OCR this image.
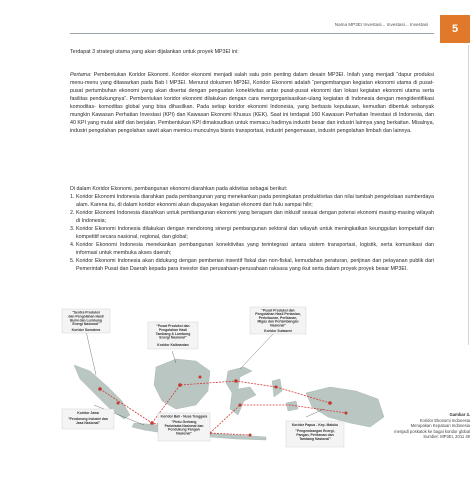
Nama MP3EI Investasi... Investasi... Investasi 5

Terdapat 3 strategi utama yang akan dijalankan untuk proyek MP3EI ini:

Pertama: Pembentukan Koridor Ekonomi. Koridor ekonomi menjadi salah satu poin penting dalam desain MP3EI. Inilah yang menjadi “dapur produksi menu-menu yang ditawarkan pada Bab I MP3EI. Menurut dokumen MP3EI, Koridor Ekonomi adalah “pengembangan kegiatan ekonomi utama di pusat-pusat pertumbuhan ekonomi yang akan disertai dengan penguatan konektivitas antar pusat-pusat ekonomi dan lokasi kegiatan ekonomi utama serta fasilitas pendukungnya”. Pembentukan koridor ekonomi dilakukan dengan cara mengorganisasikan-ulang kegiatan di Indonesia dengan mengidentifikasi komoditas- komoditas global yang bisa dihasilkan. Pada setiap koridor ekonomi Indonesia, yang berbasis kepulauan, kemudian dibentuk sebanyak mungkin Kawasan Perhatian Investasi (KPI) dan Kawasan Ekonomi Khusus (KEK). Saat ini terdapat 160 Kawasan Perhatian Investasi di Indonesia, dan 40 KPI yang mulai aktif dan berjalan. Pembentukan KPI dimaksudkan untuk memacu hadirnya industri besar dan industri lainnya yang berkaitan. Misalnya, industri pengolahan pengolahan sawit akan memicu munculnya bisnis transportasi, industri pengemasan, industri pengolahan limbah dan lainnya.

Di dalam Koridor Ekonomi, pembangunan ekonomi diarahkan pada aktivitas sebagai berikut:

1. Koridor Ekonomi Indonesia diarahkan pada pembangunan yang menekankan pada peningkatan produktivitas dan nilai tambah pengelolaan sumberdaya alam. Karena itu, di dalam koridor ekonomi akan diupayakan kegiatan ekonomi dari hulu sampai hilir;
2. Koridor Ekonomi Indonesia diarahkan untuk pembangunan ekonomi yang beragam dan inklusif sesuai dengan potensi ekonomi masing-masing wilayah di Indonesia;
3. Koridor Ekonomi Indonesia dilakukan dengan mendorong sinergi pembangunan sektoral dan wilayah untuk meningkatkan keunggulan kompetatif dan kompetitif secara nasional, regional, dan global;
4. Koridor Ekonomi Indonesia menekankan pembangunan konektivitas yang terintegrasi antara sistem transportasi, logistik, serta komunikasi dan informasi untuk membuka akses daerah;
5. Koridor Ekonomi Indonesia akan didukung dengan pemberian insentif fiskal dan non-fiskal, kemudahan peraturan, perijinan dan pelayanan publik dari Pemerintah Pusat dan Daerah kepada para investor dan perusahaan-perusahaan raksasa yang ikut serta dalam proyek proyek besar MP3EI.
"Sentra Produksi dan Pengolahan Hasil Bumi dan Lumbung Energi Nasional"
Koridor Sumatera
"Pusat Produksi dan Pengolahan Hasil Tambang & Lumbung Energi Nasional"
Koridor Kalimantan
"Pusat Produksi dan Pengolahan Hasil Pertanian, Perkebunan, Perikanan, Migas dan Pertambangan Nasional"
Koridor Sulawesi
Koridor Jawa
"Pendorong Industri dan Jasa Nasional"
Koridor Bali - Nusa Tenggara
"Pintu Gerbang Pariwisata Nasional dan Pendukung Pangan Nasional"
Koridor Papua - Kep. Maluku
"Pengembangan Energi, Pangan, Perikanan dan Tambang Nasional"
Gambar 4.
Koridor Ekonomi Indonesia
Merupakan Kepatuan Indonesia
menjadi poskatok ke bagai koridor global
Sumber: MP3EI, 2011 49
